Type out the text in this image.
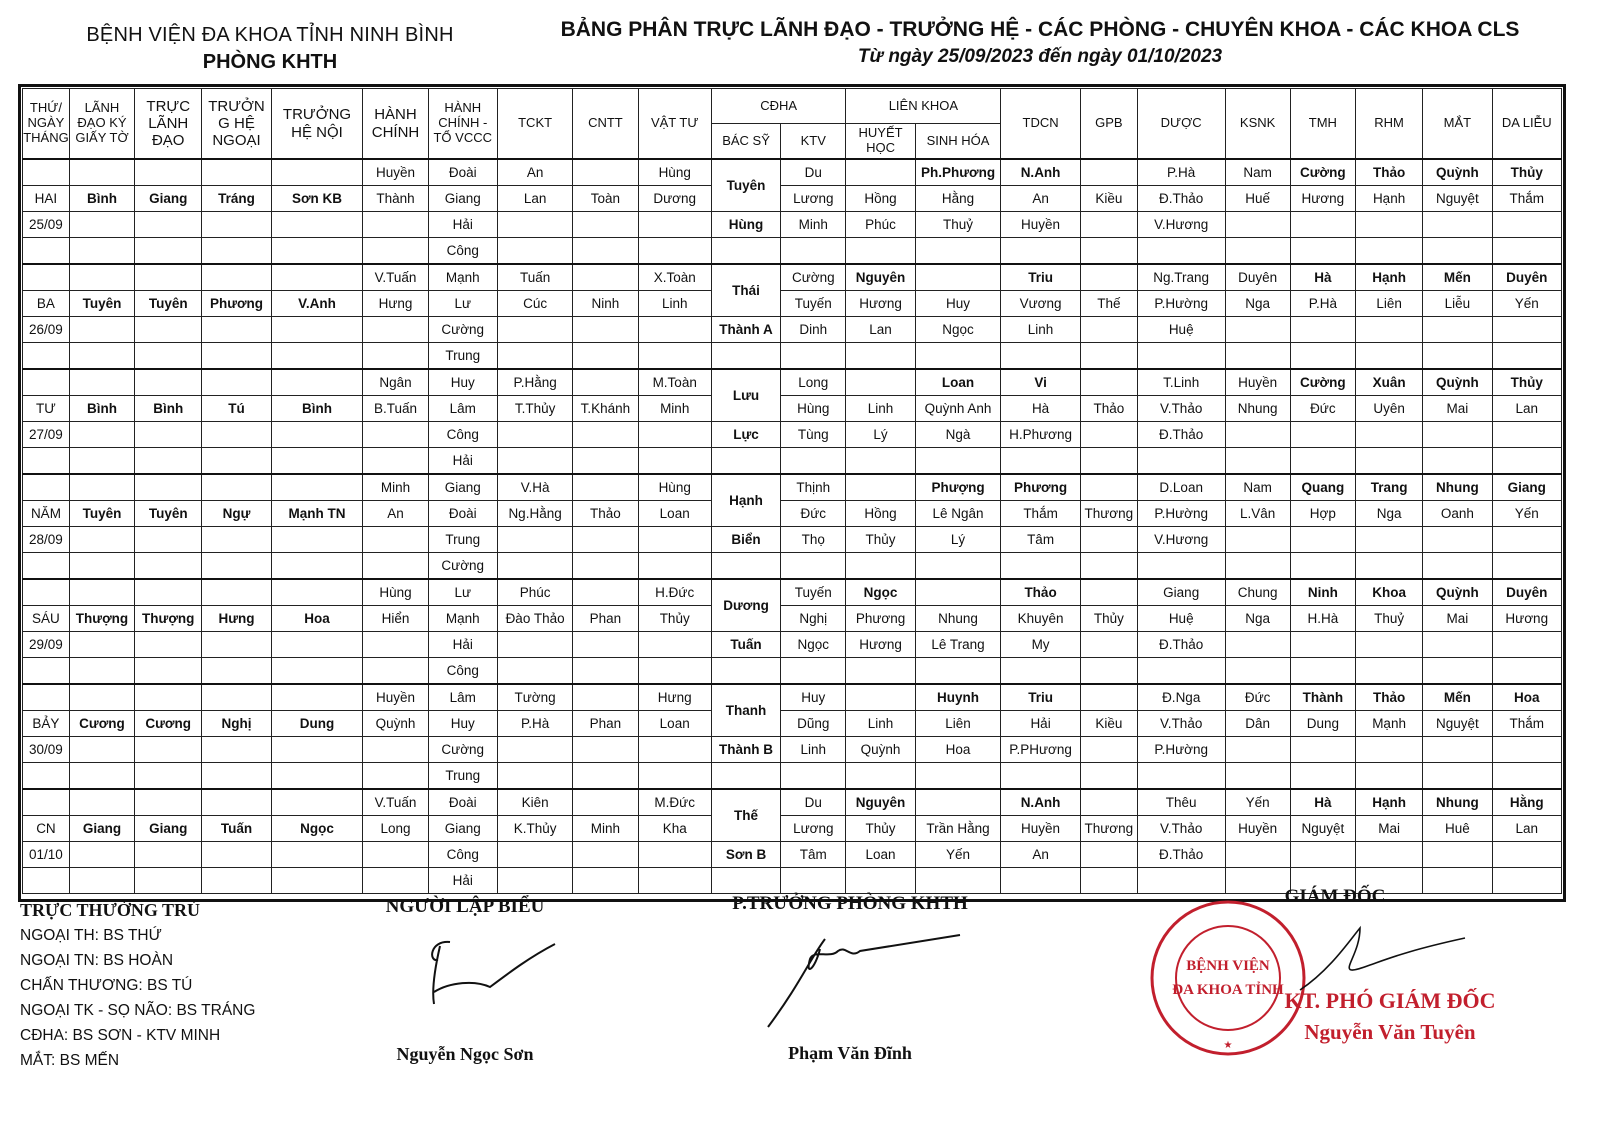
BỆNH VIỆN ĐA KHOA TỈNH NINH BÌNH
PHÒNG KHTH
BẢNG PHÂN TRỰC LÃNH ĐẠO - TRƯỞNG HỆ - CÁC PHÒNG - CHUYÊN KHOA - CÁC KHOA CLS
Từ ngày 25/09/2023 đến ngày 01/10/2023
THỨ/ NGÀY THÁNG	LÃNH ĐẠO KÝ GIẤY TỜ	TRỰC LÃNH ĐẠO	TRƯỞN G HỆ NGOẠI	TRƯỞNG HỆ NỘI	HÀNH CHÍNH	HÀNH CHÍNH - TỔ VCCC	TCKT	CNTT	VẬT TƯ	CĐHA		LIÊN KHOA		TDCN	GPB	DƯỢC	KSNK	TMH	RHM	MẮT	DA LIỄU
										BÁC SỸ	KTV	HUYẾT HỌC	SINH HÓA								
					Huyền	Đoài	An		Hùng	Tuyên	Du		Ph.Phương	N.Anh		P.Hà	Nam	Cường	Thảo	Quỳnh	Thủy
HAI	Bình	Giang	Tráng	Sơn KB	Thành	Giang	Lan	Toàn	Dương		Lương	Hồng	Hằng	An	Kiều	Đ.Thảo	Huế	Hương	Hạnh	Nguyệt	Thắm
25/09						Hải				Hùng	Minh	Phúc	Thuỷ	Huyền		V.Hương					
						Công															
					V.Tuấn	Mạnh	Tuấn		X.Toàn	Thái	Cường	Nguyên		Triu		Ng.Trang	Duyên	Hà	Hạnh	Mến	Duyên
BA	Tuyên	Tuyên	Phương	V.Anh	Hưng	Lư	Cúc	Ninh	Linh		Tuyến	Hương	Huy	Vương	Thế	P.Hường	Nga	P.Hà	Liên	Liễu	Yến
26/09						Cường				Thành A	Dinh	Lan	Ngọc	Linh		Huệ					
						Trung															
					Ngân	Huy	P.Hằng		M.Toàn	Lưu	Long		Loan	Vi		T.Linh	Huyền	Cường	Xuân	Quỳnh	Thủy
TƯ	Bình	Bình	Tú	Bình	B.Tuấn	Lâm	T.Thủy	T.Khánh	Minh		Hùng	Linh	Quỳnh Anh	Hà	Thảo	V.Thảo	Nhung	Đức	Uyên	Mai	Lan
27/09						Công				Lực	Tùng	Lý	Ngà	H.Phương		Đ.Thảo					
						Hải															
					Minh	Giang	V.Hà		Hùng	Hạnh	Thịnh		Phượng	Phương		D.Loan	Nam	Quang	Trang	Nhung	Giang
NĂM	Tuyên	Tuyên	Ngự	Mạnh TN	An	Đoài	Ng.Hằng	Thảo	Loan		Đức	Hồng	Lê Ngân	Thắm	Thương	P.Hường	L.Vân	Hợp	Nga	Oanh	Yến
28/09						Trung				Biển	Thọ	Thủy	Lý	Tâm		V.Hương					
						Cường															
					Hùng	Lư	Phúc		H.Đức	Dương	Tuyến	Ngọc		Thảo		Giang	Chung	Ninh	Khoa	Quỳnh	Duyên
SÁU	Thượng	Thượng	Hưng	Hoa	Hiển	Mạnh	Đào Thảo	Phan	Thủy		Nghị	Phương	Nhung	Khuyên	Thủy	Huệ	Nga	H.Hà	Thuỷ	Mai	Hương
29/09						Hải				Tuấn	Ngọc	Hương	Lê Trang	My		Đ.Thảo					
						Công															
					Huyền	Lâm	Tường		Hưng	Thanh	Huy		Huynh	Triu		Đ.Nga	Đức	Thành	Thảo	Mến	Hoa
BẢY	Cương	Cương	Nghị	Dung	Quỳnh	Huy	P.Hà	Phan	Loan		Dũng	Linh	Liên	Hải	Kiều	V.Thảo	Dân	Dung	Mạnh	Nguyệt	Thắm
30/09						Cường				Thành B	Linh	Quỳnh	Hoa	P.PHương		P.Hường					
						Trung															
					V.Tuấn	Đoài	Kiên		M.Đức	Thế	Du	Nguyên		N.Anh		Thêu	Yến	Hà	Hạnh	Nhung	Hằng
CN	Giang	Giang	Tuấn	Ngọc	Long	Giang	K.Thủy	Minh	Kha		Lương	Thủy	Trần Hằng	Huyền	Thương	V.Thảo	Huyền	Nguyệt	Mai	Huê	Lan
01/10						Công				Sơn B	Tâm	Loan	Yến	An		Đ.Thảo					
						Hải															
TRỰC THƯỜNG TRÚ
NGOẠI TH: BS THỨ
NGOẠI TN: BS HOÀN
CHẤN THƯƠNG: BS TÚ
NGOẠI TK - SỌ NÃO: BS TRÁNG
CĐHA: BS SƠN - KTV MINH
MẮT: BS MẾN
NGƯỜI LẬP BIỂU
Nguyễn Ngọc Sơn
P.TRƯỞNG PHÒNG KHTH
Phạm Văn Đĩnh
GIÁM ĐỐC
BỆNH VIỆN
ĐA KHOA TỈNH
★
KT. PHÓ GIÁM ĐỐC
Nguyễn Văn Tuyên
